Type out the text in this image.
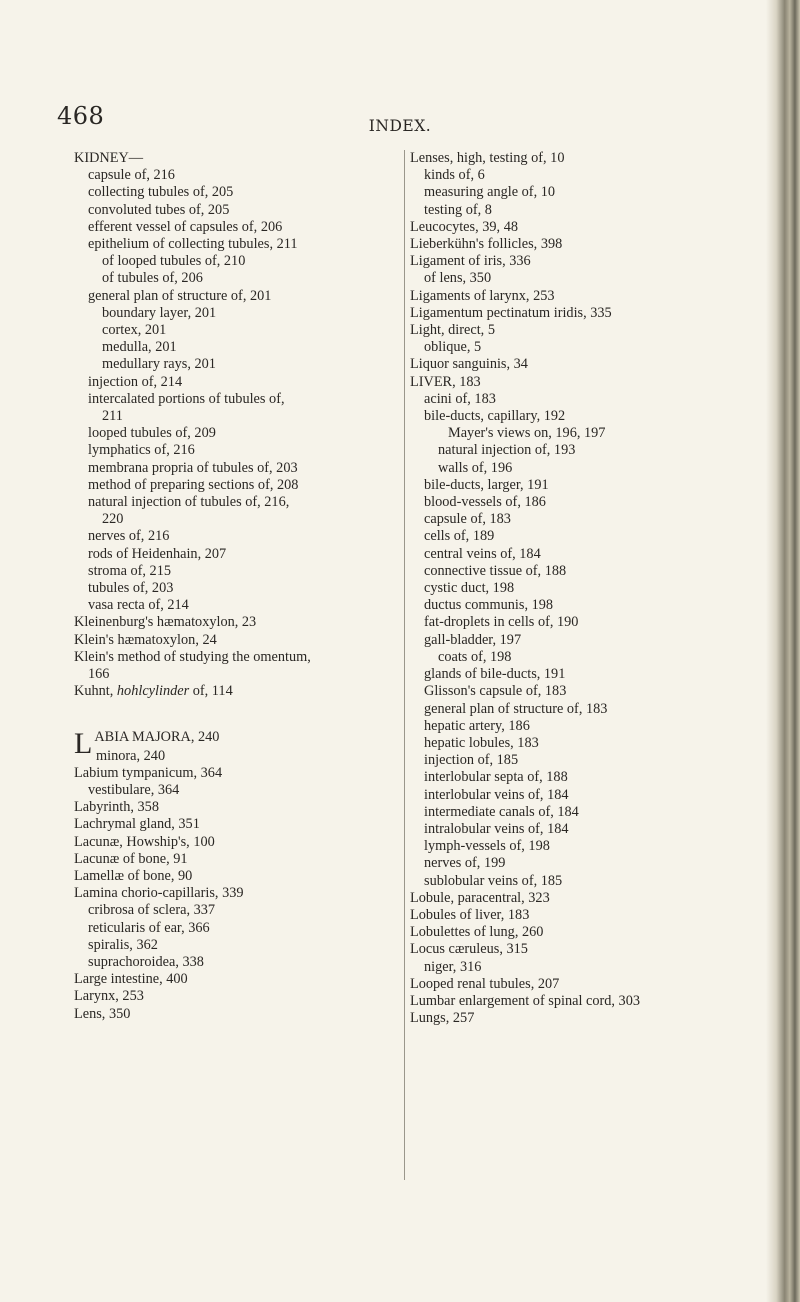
468	INDEX.
KIDNEY—
capsule of, 216
collecting tubules of, 205
convoluted tubes of, 205
efferent vessel of capsules of, 206
epithelium of collecting tubules, 211
of looped tubules of, 210
of tubules of, 206
general plan of structure of, 201
boundary layer, 201
cortex, 201
medulla, 201
medullary rays, 201
injection of, 214
intercalated portions of tubules of,
211
looped tubules of, 209
lymphatics of, 216
membrana propria of tubules of, 203
method of preparing sections of, 208
natural injection of tubules of, 216,
220
nerves of, 216
rods of Heidenhain, 207
stroma of, 215
tubules of, 203
vasa recta of, 214
Kleinenburg's hæmatoxylon, 23
Klein's hæmatoxylon, 24
Klein's method of studying the omentum,
166
Kuhnt, hohlcylinder of, 114
LABIA MAJORA, 240
minora, 240
Labium tympanicum, 364
vestibulare, 364
Labyrinth, 358
Lachrymal gland, 351
Lacunæ, Howship's, 100
Lacunæ of bone, 91
Lamellæ of bone, 90
Lamina chorio-capillaris, 339
cribrosa of sclera, 337
reticularis of ear, 366
spiralis, 362
suprachoroidea, 338
Large intestine, 400
Larynx, 253
Lens, 350
Lenses, high, testing of, 10
kinds of, 6
measuring angle of, 10
testing of, 8
Leucocytes, 39, 48
Lieberkühn's follicles, 398
Ligament of iris, 336
of lens, 350
Ligaments of larynx, 253
Ligamentum pectinatum iridis, 335
Light, direct, 5
oblique, 5
Liquor sanguinis, 34
LIVER, 183
acini of, 183
bile-ducts, capillary, 192
Mayer's views on, 196, 197
natural injection of, 193
walls of, 196
bile-ducts, larger, 191
blood-vessels of, 186
capsule of, 183
cells of, 189
central veins of, 184
connective tissue of, 188
cystic duct, 198
ductus communis, 198
fat-droplets in cells of, 190
gall-bladder, 197
coats of, 198
glands of bile-ducts, 191
Glisson's capsule of, 183
general plan of structure of, 183
hepatic artery, 186
hepatic lobules, 183
injection of, 185
interlobular septa of, 188
interlobular veins of, 184
intermediate canals of, 184
intralobular veins of, 184
lymph-vessels of, 198
nerves of, 199
sublobular veins of, 185
Lobule, paracentral, 323
Lobules of liver, 183
Lobulettes of lung, 260
Locus cæruleus, 315
niger, 316
Looped renal tubules, 207
Lumbar enlargement of spinal cord, 303
Lungs, 257
